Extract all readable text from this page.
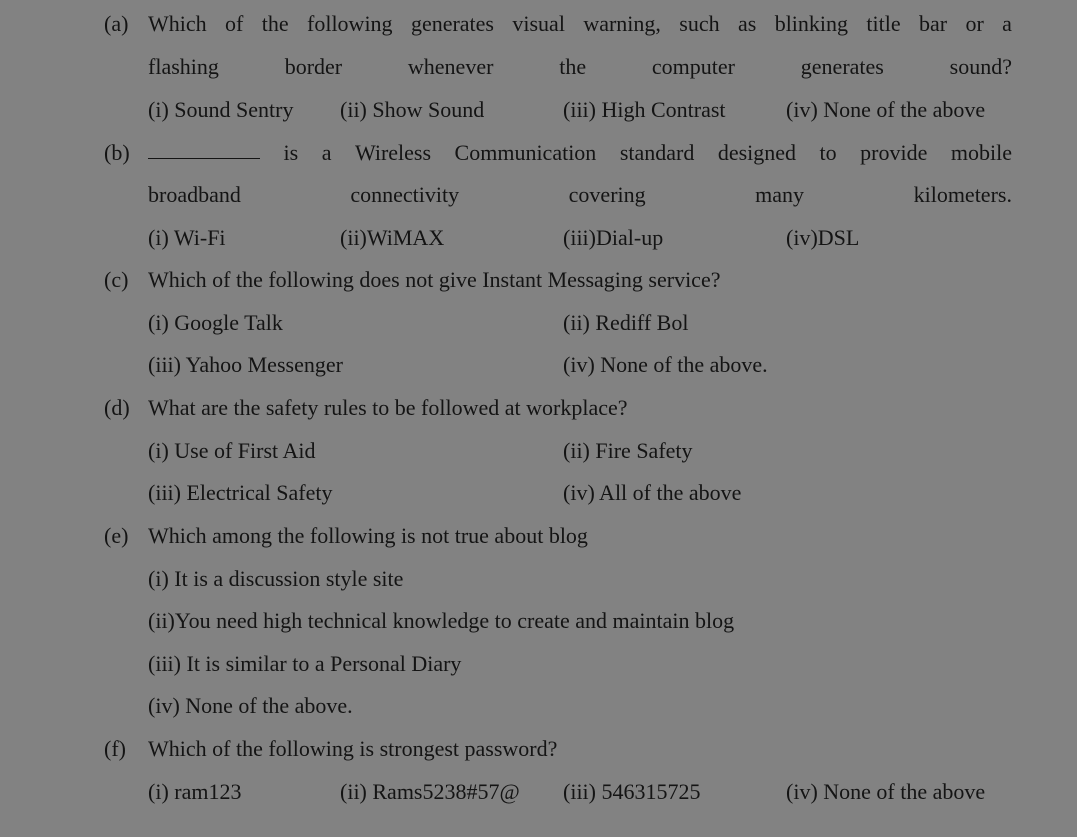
(a) Which of the following generates visual warning, such as blinking title bar or a
flashing	border	whenever	the	computer	generates	sound?
(i) Sound Sentry (ii) Show Sound	(iii) High Contrast	(iv) None of the above
(b)	is a Wireless Communication standard designed to provide mobile
broadband	connectivity	covering	many	kilometers.
(i) Wi-Fi	(ii)WiMAX	(iii)Dial-up	(iv)DSL
(c) Which of the following does not give Instant Messaging service?
(i) Google Talk	(ii) Rediff Bol
(iii) Yahoo Messenger	(iv) None of the above.
(d) What are the safety rules to be followed at workplace?
(i) Use of First Aid	(ii) Fire Safety
(iii) Electrical Safety	(iv) All of the above
(e) Which among the following is not true about blog
(i) It is a discussion style site
(ii)You need high technical knowledge to create and maintain blog
(iii) It is similar to a Personal Diary
(iv) None of the above.
(f) Which of the following is strongest password?
(i) ram123	(ii) Rams5238#57@ (iii) 546315725	(iv) None of the above
